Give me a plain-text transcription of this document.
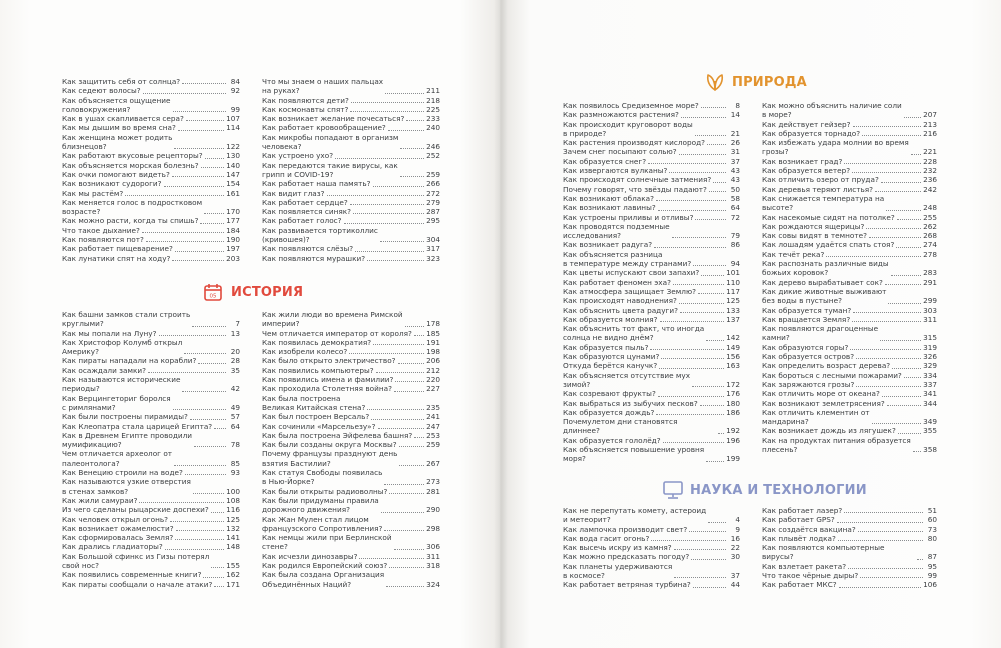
Как защитить себя от солнца?	84
Как седеют волосы?	92
Как объясняется ощущение
головокружения?	99
Как в ушах скапливается сера?	107
Как мы дышим во время сна?	114
Как женщина может родить
близнецов?	122
Как работают вкусовые рецепторы?	130
Как объясняется морская болезнь?	140
Как очки помогают видеть?	147
Как возникают судороги?	154
Как мы растём?	161
Как меняется голос в подростковом
возрасте?	170
Как можно расти, когда ты спишь?	177
Что такое дыхание?	184
Как появляются пот?	190
Как работает пищеварение?	197
Как лунатики спят на ходу?	203
Что мы знаем о наших пальцах
на руках?	211
Как появляются дети?	218
Как космонавты спят?	225
Как возникает желание почесаться?	233
Как работает кровообращение?	240
Как микробы попадают в организм
человека?	246
Как устроено ухо?	252
Как передаются такие вирусы, как
грипп и COVID-19?	259
Как работает наша память?	266
Как видит глаз?	272
Как работает сердце?	279
Как появляется синяк?	287
Как работает голос?	295
Как развивается тортиколлис
(кривошея)?	304
Как появляются слёзы?	317
Как появляются мурашки?	323
05 ИСТОРИЯ
Как башни замков стали строить
круглыми?	7
Как мы попали на Луну?	13
Как Христофор Колумб открыл
Америку?	20
Как пираты нападали на корабли?	28
Как осаждали замки?	35
Как называются исторические
периоды?	42
Как Верцингеториг боролся
с римлянами?	49
Как были построены пирамиды?	57
Как Клеопатра стала царицей Египта?	64
Как в Древнем Египте проводили
мумификацию?	78
Чем отличается археолог от
палеонтолога?	85
Как Венецию строили на воде?	93
Как называются узкие отверстия
в стенах замков?	100
Как жили самураи?	108
Из чего сделаны рыцарские доспехи? 116
Как человек открыл огонь?	125
Как возникает ожамелюсти?	132
Как сформировалась Земля?	141
Как дрались гладиаторы?	148
Как Большой сфинкс из Гизы потерял
свой нос?	155
Как появились современные книги?	162
Как пираты сообщали о начале атаки? 171
Как жили люди во времена Римской
империи?	178
Чем отличается император от короля? 185
Как появилась демократия?	191
Как изобрели колесо?	198
Как было открыто электричество?	206
Как появились компьютеры?	212
Как появились имена и фамилии?	220
Как проходила Столетняя война?	227
Как была построена
Великая Китайская стена?	235
Как был построен Версаль?	241
Как сочинили «Марсельезу»?	247
Как была построена Эйфелева башня? 253
Как были созданы округа Москвы?	259
Почему французы празднуют день
взятия Бастилии?	267
Как статуя Свободы появилась
в Нью-Йорке?	273
Как были открыты радиоволны?	281
Как были придуманы правила
дорожного движения?	290
Как Жан Мулен стал лицом
французского Сопротивления?	298
Как немцы жили при Берлинской
стене?	306
Как исчезли динозавры?	311
Как родился Европейский союз?	318
Как была создана Организация
Объединённых Наций?	324
ПРИРОДА
Как появилось Средиземное море?	8
Как размножаются растения?	14
Как происходит круговорот воды
в природе?	21
Как растения производят кислород?	26
Зачем снег посыпают солью?	31
Как образуется снег?	37
Как извергаются вулканы?	43
Как происходят солнечные затмения?	43
Почему говорят, что звёзды падают?	50
Как возникают облака?	58
Как возникают лавины?	64
Как устроены приливы и отливы?	72
Как проводятся подземные
исследования?	79
Как возникает радуга?	86
Как объясняется разница
в температуре между странами?	94
Как цветы испускают свои запахи?	101
Как работает феномен эха?	110
Как атмосфера защищает Землю?	117
Как происходят наводнения?	125
Как объяснить цвета радуги?	133
Как образуется молния?	137
Как объяснить тот факт, что иногда
солнца не видно днём?	142
Как образуется пыль?	149
Как образуются цунами?	156
Откуда берётся канучк?	163
Как объясняется отсутствие мух
зимой?	172
Как созревают фрукты?	176
Как выбраться из зыбучих песков?	180
Как образуется дождь?	186
Почемулетом дни становятся длиннее?	192
Как образуется гололёд?	196
Как объясняется повышение уровня
моря?	199
Как можно объяснить наличие соли
в море?	207
Как действует гейзер?	213
Как образуется торнадо?	216
Как избежать удара молнии во время
грозы?	221
Как возникает град?	228
Как образуется ветер?	232
Как отличить озеро от пруда?	236
Как деревья теряют листья?	242
Как снижается температура на
высоте?	248
Как насекомые сидят на потолке?	255
Как рождаются ящерицы?	262
Как совы видят в темноте?	268
Как лошадям удаётся спать стоя?	274
Как течёт река?	278
Как распознать различные виды
божьих коровок?	283
Как дерево вырабатывает сок?	291
Как дикие животные выживают
без воды в пустыне?	299
Как образуется туман?	303
Как вращается Земля?	311
Как появляются драгоценные
камни?	315
Как образуются горы?	319
Как образуется остров?	326
Как определить возраст дерева?	329
Как бороться с лесными пожарами?	334
Как заряжаются грозы?	337
Как отличить море от океана?	341
Как возникают землетрясения?	344
Как отличить клементин от
мандарина?	349
Как возникает дождь из лягушек?	355
Как на продуктах питания образуется
плесень?	358
НАУКА И ТЕХНОЛОГИИ
Как не перепутать комету, астероид
и метеорит?	4
Как лампочка производит свет?	9
Как вода гасит огонь?	16
Как высечь искру из камня?	22
Как можно предсказать погоду?	30
Как планеты удерживаются
в космосе?	37
Как работает ветряная турбина?	44
Как работает лазер?	51
Как работает GPS?	60
Как создаётся вакцина?	73
Как плывёт лодка?	80
Как появляются компьютерные вирусы?	87
Как взлетает ракета?	95
Что такое чёрные дыры?	99
Как работает МКС?	106
